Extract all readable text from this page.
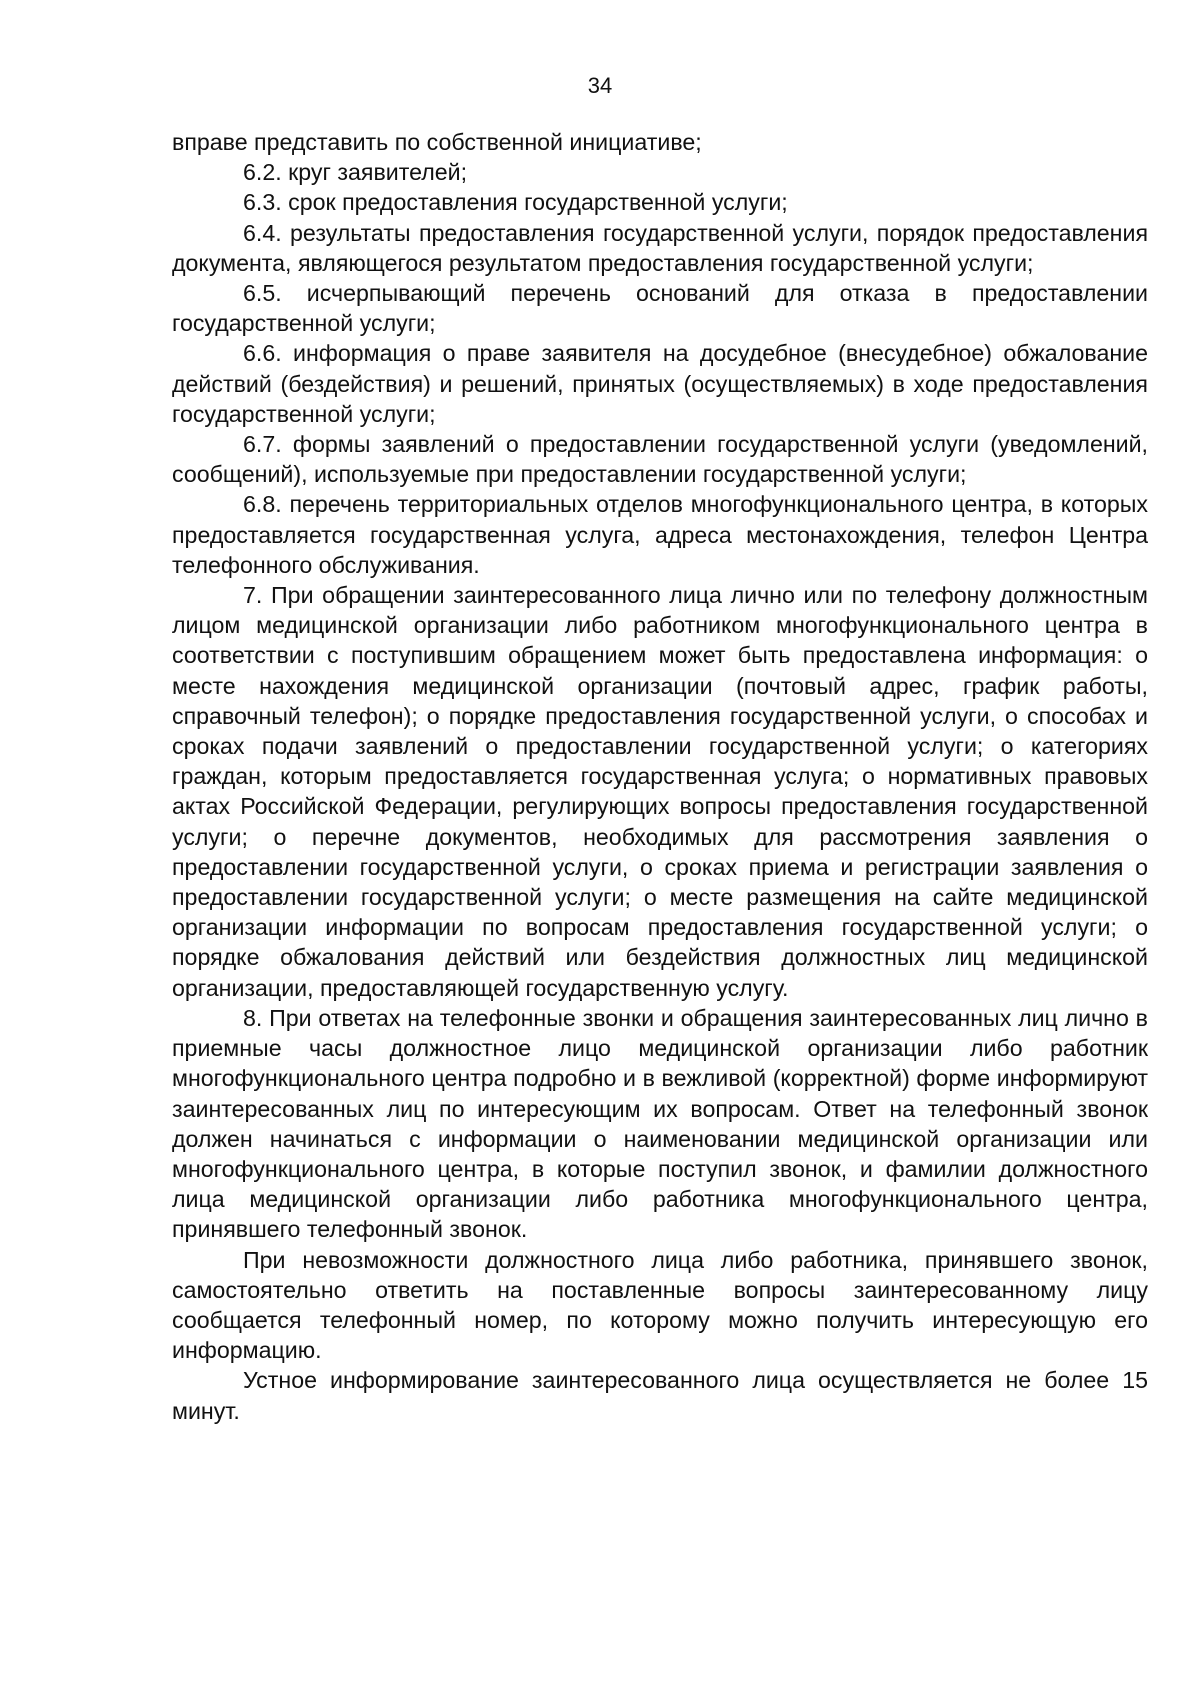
34

вправе представить по собственной инициативе;

6.2. круг заявителей;

6.3. срок предоставления государственной услуги;

6.4. результаты предоставления государственной услуги, порядок предоставления документа, являющегося результатом предоставления государственной услуги;

6.5. исчерпывающий перечень оснований для отказа в предоставлении государственной услуги;

6.6. информация о праве заявителя на досудебное (внесудебное) обжалование действий (бездействия) и решений, принятых (осуществляемых) в ходе предоставления государственной услуги;

6.7. формы заявлений о предоставлении государственной услуги (уведомлений, сообщений), используемые при предоставлении государственной услуги;

6.8. перечень территориальных отделов многофункционального центра, в которых предоставляется государственная услуга, адреса местонахождения, телефон Центра телефонного обслуживания.

7. При обращении заинтересованного лица лично или по телефону должностным лицом медицинской организации либо работником многофункционального центра в соответствии с поступившим обращением может быть предоставлена информация: о месте нахождения медицинской организации (почтовый адрес, график работы, справочный телефон); о порядке предоставления государственной услуги, о способах и сроках подачи заявлений о предоставлении государственной услуги; о категориях граждан, которым предоставляется государственная услуга; о нормативных правовых актах Российской Федерации, регулирующих вопросы предоставления государственной услуги; о перечне документов, необходимых для рассмотрения заявления о предоставлении государственной услуги, о сроках приема и регистрации заявления о предоставлении государственной услуги; о месте размещения на сайте медицинской организации информации по вопросам предоставления государственной услуги; о порядке обжалования действий или бездействия должностных лиц медицинской организации, предоставляющей государственную услугу.

8. При ответах на телефонные звонки и обращения заинтересованных лиц лично в приемные часы должностное лицо медицинской организации либо работник многофункционального центра подробно и в вежливой (корректной) форме информируют заинтересованных лиц по интересующим их вопросам. Ответ на телефонный звонок должен начинаться с информации о наименовании медицинской организации или многофункционального центра, в которые поступил звонок, и фамилии должностного лица медицинской организации либо работника многофункционального центра, принявшего телефонный звонок.

При невозможности должностного лица либо работника, принявшего звонок, самостоятельно ответить на поставленные вопросы заинтересованному лицу сообщается телефонный номер, по которому можно получить интересующую его информацию.

Устное информирование заинтересованного лица осуществляется не более 15 минут.
